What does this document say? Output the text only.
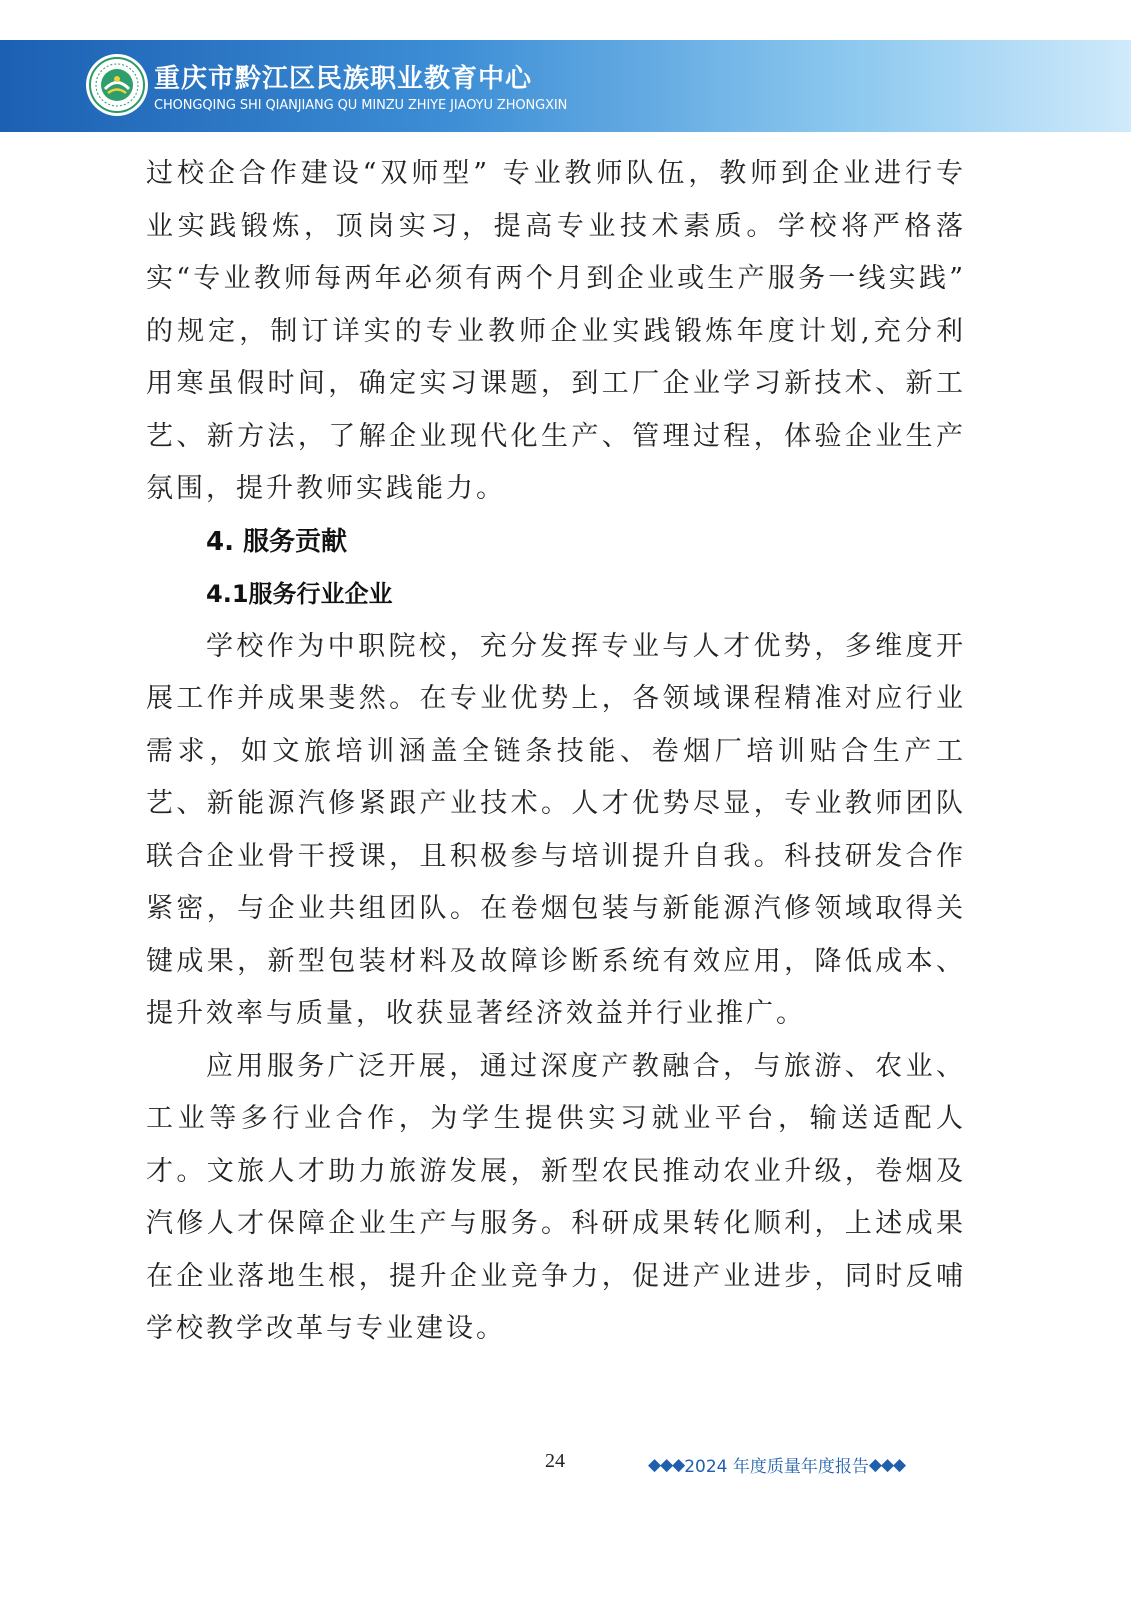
重庆市黔江区民族职业教育中心
CHONGQING SHI QIANJIANG QU MINZU ZHIYE JIAOYU ZHONGXIN

过校企合作建设“双师型” 专业教师队伍，教师到企业进行专业实践锻炼，顶岗实习，提高专业技术素质。学校将严格落实“专业教师每两年必须有两个月到企业或生产服务一线实践” 的规定，制订详实的专业教师企业实践锻炼年度计划,充分利用寒虽假时间，确定实习课题，到工厂企业学习新技术、新工艺、新方法，了解企业现代化生产、管理过程，体验企业生产氛围，提升教师实践能力。

4. 服务贡献

4.1服务行业企业

学校作为中职院校，充分发挥专业与人才优势，多维度开展工作并成果斐然。在专业优势上，各领域课程精准对应行业需求，如文旅培训涵盖全链条技能、卷烟厂培训贴合生产工艺、新能源汽修紧跟产业技术。人才优势尽显，专业教师团队联合企业骨干授课，且积极参与培训提升自我。科技研发合作紧密，与企业共组团队。在卷烟包装与新能源汽修领域取得关键成果，新型包装材料及故障诊断系统有效应用，降低成本、提升效率与质量，收获显著经济效益并行业推广。

应用服务广泛开展，通过深度产教融合，与旅游、农业、工业等多行业合作，为学生提供实习就业平台，输送适配人才。文旅人才助力旅游发展，新型农民推动农业升级，卷烟及汽修人才保障企业生产与服务。科研成果转化顺利，上述成果在企业落地生根，提升企业竞争力，促进产业进步，同时反哺学校教学改革与专业建设。

24	◆◆◆ 2024 年度质量年度报告 ◆◆◆
